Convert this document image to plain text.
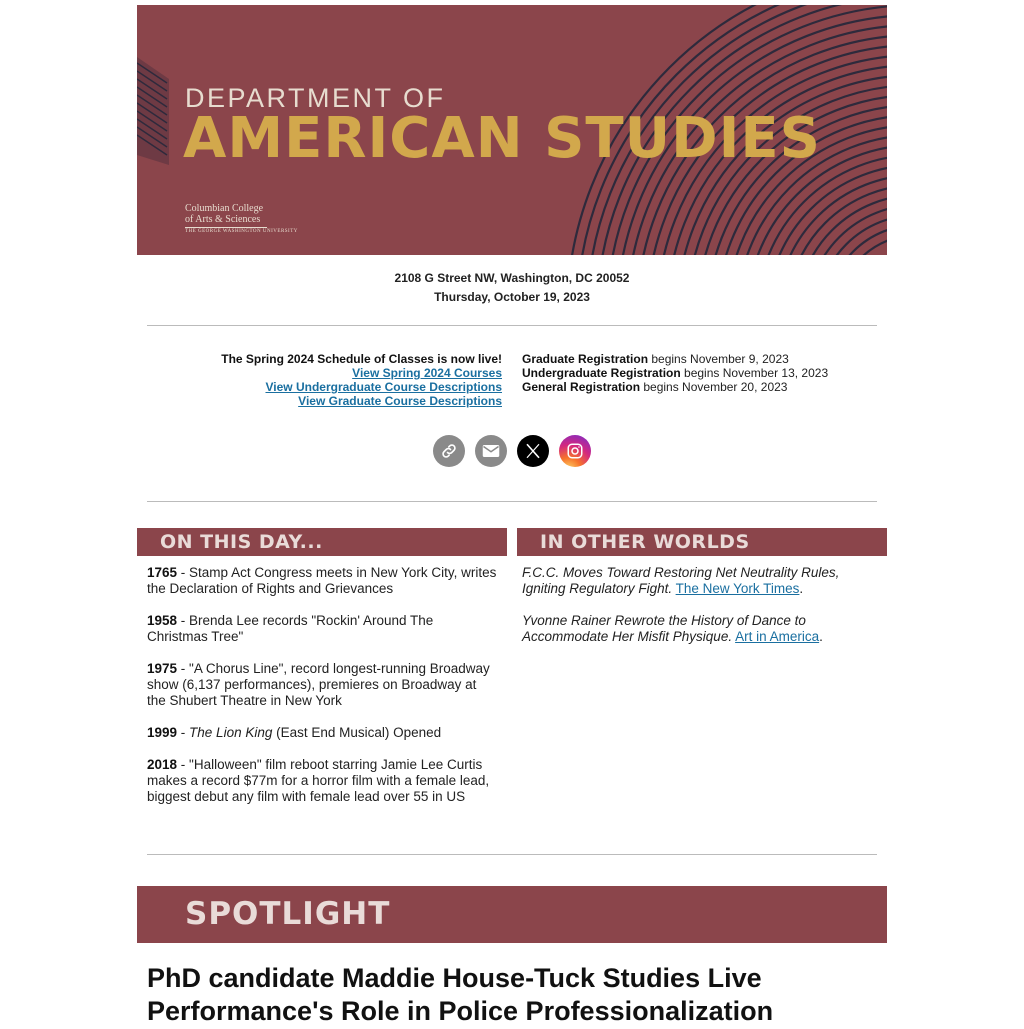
DEPARTMENT OF
AMERICAN STUDIES
Columbian College
of Arts & Sciences
THE GEORGE WASHINGTON UNIVERSITY
2108 G Street NW, Washington, DC 20052
Thursday, October 19, 2023
The Spring 2024 Schedule of Classes is now live!
View Spring 2024 Courses
View Undergraduate Course Descriptions
View Graduate Course Descriptions
Graduate Registration begins November 9, 2023
Undergraduate Registration begins November 13, 2023
General Registration begins November 20, 2023
ON THIS DAY...
1765 - Stamp Act Congress meets in New York City, writes the Declaration of Rights and Grievances
1958 - Brenda Lee records "Rockin' Around The Christmas Tree"
1975 - "A Chorus Line", record longest-running Broadway show (6,137 performances), premieres on Broadway at the Shubert Theatre in New York
1999 - The Lion King (East End Musical) Opened
2018 - "Halloween" film reboot starring Jamie Lee Curtis makes a record $77m for a horror film with a female lead, biggest debut any film with female lead over 55 in US
IN OTHER WORLDS
F.C.C. Moves Toward Restoring Net Neutrality Rules, Igniting Regulatory Fight. The New York Times.
Yvonne Rainer Rewrote the History of Dance to Accommodate Her Misfit Physique. Art in America.
SPOTLIGHT
PhD candidate Maddie House-Tuck Studies Live Performance's Role in Police Professionalization
